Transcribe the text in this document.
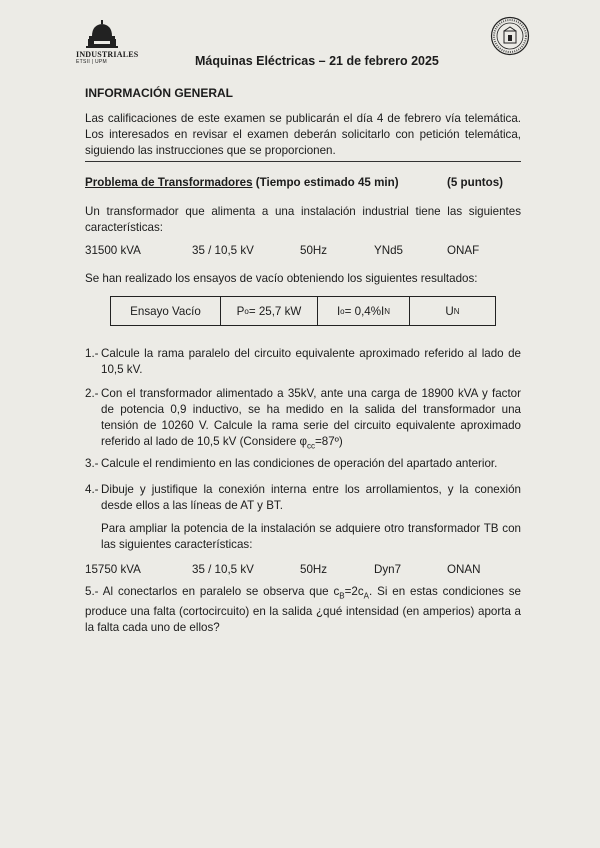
INDUSTRIALES
ETSII | UPM	Máquinas Eléctricas – 21 de febrero 2025
INFORMACIÓN GENERAL
Las calificaciones de este examen se publicarán el día 4 de febrero vía telemática. Los interesados en revisar el examen deberán solicitarlo con petición telemática, siguiendo las instrucciones que se proporcionen.
Problema de Transformadores (Tiempo estimado 45 min)	(5 puntos)
Un transformador que alimenta a una instalación industrial tiene las siguientes características:
31500 kVA	35 / 10,5 kV	50Hz	YNd5	ONAF
Se han realizado los ensayos de vacío obteniendo los siguientes resultados:
Ensayo Vacío	P o = 25,7 kW	I o = 0,4%I N	U N
1.- Calcule la rama paralelo del circuito equivalente aproximado referido al lado de 10,5 kV.
2.- Con el transformador alimentado a 35kV, ante una carga de 18900 kVA y factor de potencia 0,9 inductivo, se ha medido en la salida del transformador una tensión de 10260 V. Calcule la rama serie del circuito equivalente aproximado referido al lado de 10,5 kV (Considere $\varphi_{cc}=87º$)
3.- Calcule el rendimiento en las condiciones de operación del apartado anterior.
4.- Dibuje y justifique la conexión interna entre los arrollamientos, y la conexión desde ellos a las líneas de AT y BT.
Para ampliar la potencia de la instalación se adquiere otro transformador TB con las siguientes características:
15750 kVA	35 / 10,5 kV	50Hz	Dyn7	ONAN
5.- Al conectarlos en paralelo se observa que $c_B=2c_A$. Si en estas condiciones se produce una falta (cortocircuito) en la salida ¿qué intensidad (en amperios) aporta a la falta cada uno de ellos?
